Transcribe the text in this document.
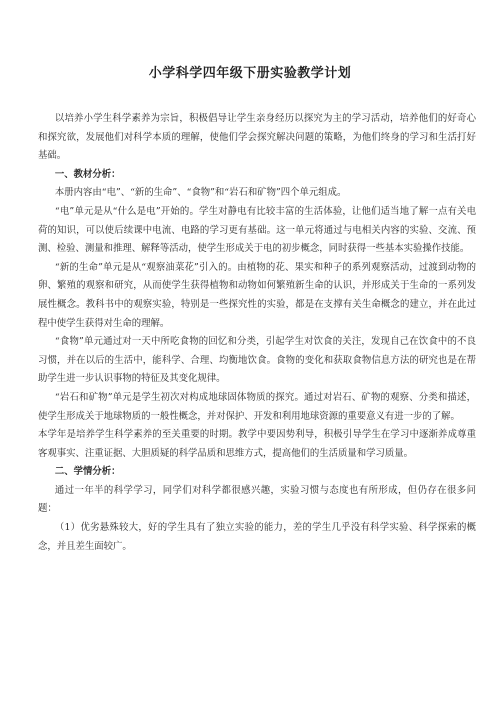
小学科学四年级下册实验教学计划

以培养小学生科学素养为宗旨，积极倡导让学生亲身经历以探究为主的学习活动，培养他们的好奇心和探究欲，发展他们对科学本质的理解，使他们学会探究解决问题的策略，为他们终身的学习和生活打好基础。

一、教材分析：

本册内容由“电”、“新的生命”、“食物”和“岩石和矿物”四个单元组成。

“电”单元是从“什么是电”开始的。学生对静电有比较丰富的生活体验，让他们适当地了解一点有关电荷的知识，可以使后续课中电流、电路的学习更有基础。这一单元将通过与电相关内容的实验、交流、预测、检验、测量和推理、解释等活动，使学生形成关于电的初步概念，同时获得一些基本实验操作技能。

“新的生命”单元是从“观察油菜花”引入的。由植物的花、果实和种子的系列观察活动，过渡到动物的卵、繁殖的观察和研究，从而使学生获得植物和动物如何繁殖新生命的认识，并形成关于生命的一系列发展性概念。教科书中的观察实验，特别是一些探究性的实验，都是在支撑有关生命概念的建立，并在此过程中使学生获得对生命的理解。

“食物”单元通过对一天中所吃食物的回忆和分类，引起学生对饮食的关注，发现自己在饮食中的不良习惯，并在以后的生活中，能科学、合理、均衡地饮食。食物的变化和获取食物信息方法的研究也是在帮助学生进一步认识事物的特征及其变化规律。

“岩石和矿物”单元是学生初次对构成地球固体物质的探究。通过对岩石、矿物的观察、分类和描述，使学生形成关于地球物质的一般性概念，并对保护、开发和利用地球资源的重要意义有进一步的了解。

本学年是培养学生科学素养的至关重要的时期。教学中要因势利导，积极引导学生在学习中逐渐养成尊重客观事实、注重证据、大胆质疑的科学品质和思维方式，提高他们的生活质量和学习质量。

二、学情分析：

通过一年半的科学学习，同学们对科学都很感兴趣，实验习惯与态度也有所形成，但仍存在很多问题：

（1）优劣悬殊较大，好的学生具有了独立实验的能力，差的学生几乎没有科学实验、科学探索的概念，并且差生面较广。
